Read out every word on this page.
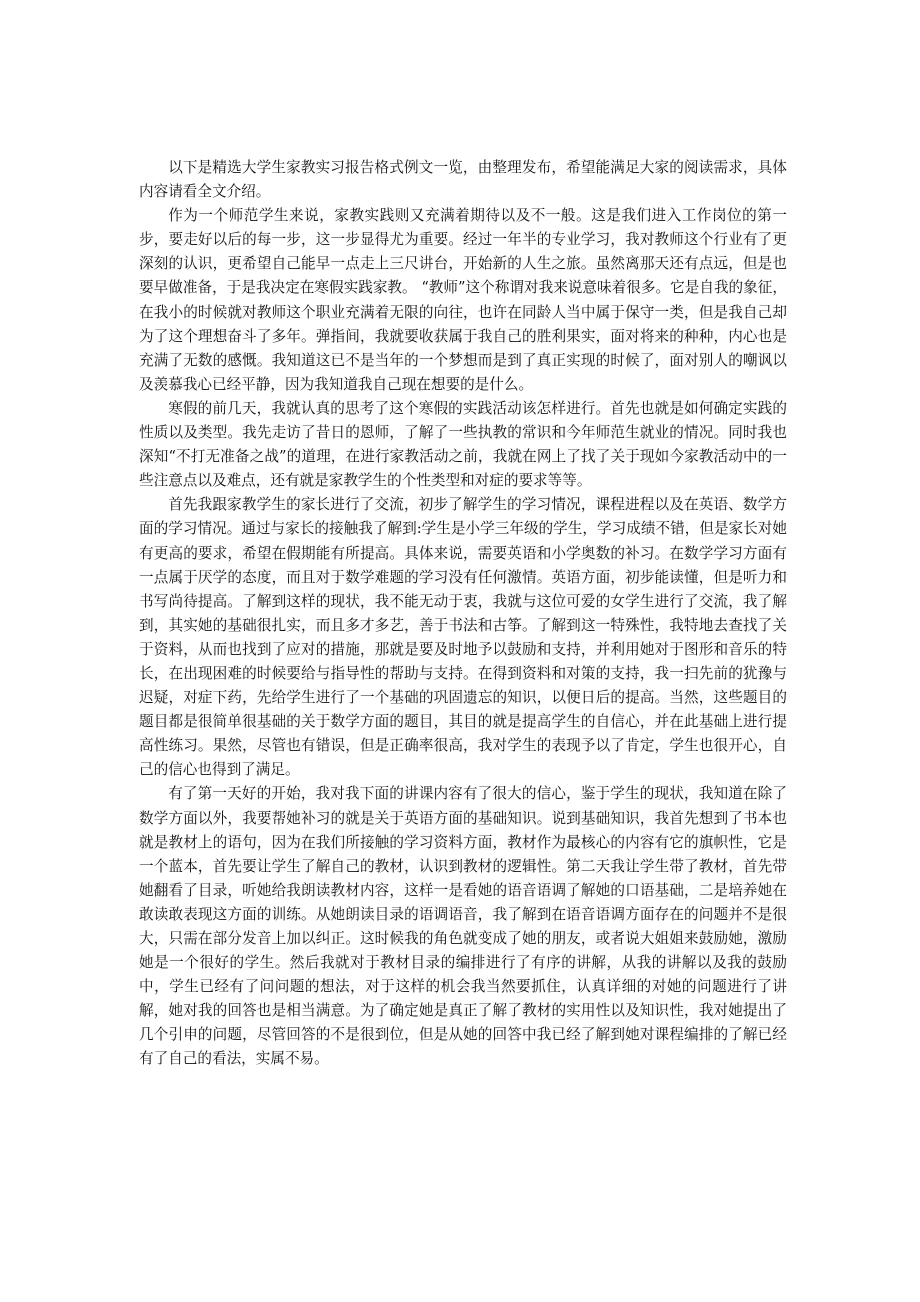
以下是精选大学生家教实习报告格式例文一览，由整理发布，希望能满足大家的阅读需求，具体内容请看全文介绍。

作为一个师范学生来说，家教实践则又充满着期待以及不一般。这是我们进入工作岗位的第一步，要走好以后的每一步，这一步显得尤为重要。经过一年半的专业学习，我对教师这个行业有了更深刻的认识，更希望自己能早一点走上三尺讲台，开始新的人生之旅。虽然离那天还有点远，但是也要早做准备，于是我决定在寒假实践家教。 “教师”这个称谓对我来说意味着很多。它是自我的象征，在我小的时候就对教师这个职业充满着无限的向往，也许在同龄人当中属于保守一类，但是我自己却为了这个理想奋斗了多年。弹指间，我就要收获属于我自己的胜利果实，面对将来的种种，内心也是充满了无数的感慨。我知道这已不是当年的一个梦想而是到了真正实现的时候了，面对别人的嘲讽以及羡慕我心已经平静，因为我知道我自己现在想要的是什么。

寒假的前几天，我就认真的思考了这个寒假的实践活动该怎样进行。首先也就是如何确定实践的性质以及类型。我先走访了昔日的恩师，了解了一些执教的常识和今年师范生就业的情况。同时我也深知“不打无准备之战”的道理，在进行家教活动之前，我就在网上了找了关于现如今家教活动中的一些注意点以及难点，还有就是家教学生的个性类型和对症的要求等等。

首先我跟家教学生的家长进行了交流，初步了解学生的学习情况，课程进程以及在英语、数学方面的学习情况。通过与家长的接触我了解到:学生是小学三年级的学生，学习成绩不错，但是家长对她有更高的要求，希望在假期能有所提高。具体来说，需要英语和小学奥数的补习。在数学学习方面有一点属于厌学的态度，而且对于数学难题的学习没有任何激情。英语方面，初步能读懂，但是听力和书写尚待提高。了解到这样的现状，我不能无动于衷，我就与这位可爱的女学生进行了交流，我了解到，其实她的基础很扎实，而且多才多艺，善于书法和古筝。了解到这一特殊性，我特地去查找了关于资料，从而也找到了应对的措施，那就是要及时地予以鼓励和支持，并利用她对于图形和音乐的特长，在出现困难的时候要给与指导性的帮助与支持。在得到资料和对策的支持，我一扫先前的犹豫与迟疑，对症下药，先给学生进行了一个基础的巩固遗忘的知识，以便日后的提高。当然，这些题目的题目都是很简单很基础的关于数学方面的题目，其目的就是提高学生的自信心，并在此基础上进行提高性练习。果然，尽管也有错误，但是正确率很高，我对学生的表现予以了肯定，学生也很开心，自己的信心也得到了满足。

有了第一天好的开始，我对我下面的讲课内容有了很大的信心，鉴于学生的现状，我知道在除了数学方面以外，我要帮她补习的就是关于英语方面的基础知识。说到基础知识，我首先想到了书本也就是教材上的语句，因为在我们所接触的学习资料方面，教材作为最核心的内容有它的旗帜性，它是一个蓝本，首先要让学生了解自己的教材，认识到教材的逻辑性。第二天我让学生带了教材，首先带她翻看了目录，听她给我朗读教材内容，这样一是看她的语音语调了解她的口语基础，二是培养她在敢读敢表现这方面的训练。从她朗读目录的语调语音，我了解到在语音语调方面存在的问题并不是很大，只需在部分发音上加以纠正。这时候我的角色就变成了她的朋友，或者说大姐姐来鼓励她，激励她是一个很好的学生。然后我就对于教材目录的编排进行了有序的讲解，从我的讲解以及我的鼓励中，学生已经有了问问题的想法，对于这样的机会我当然要抓住，认真详细的对她的问题进行了讲解，她对我的回答也是相当满意。为了确定她是真正了解了教材的实用性以及知识性，我对她提出了几个引申的问题，尽管回答的不是很到位，但是从她的回答中我已经了解到她对课程编排的了解已经有了自己的看法，实属不易。
